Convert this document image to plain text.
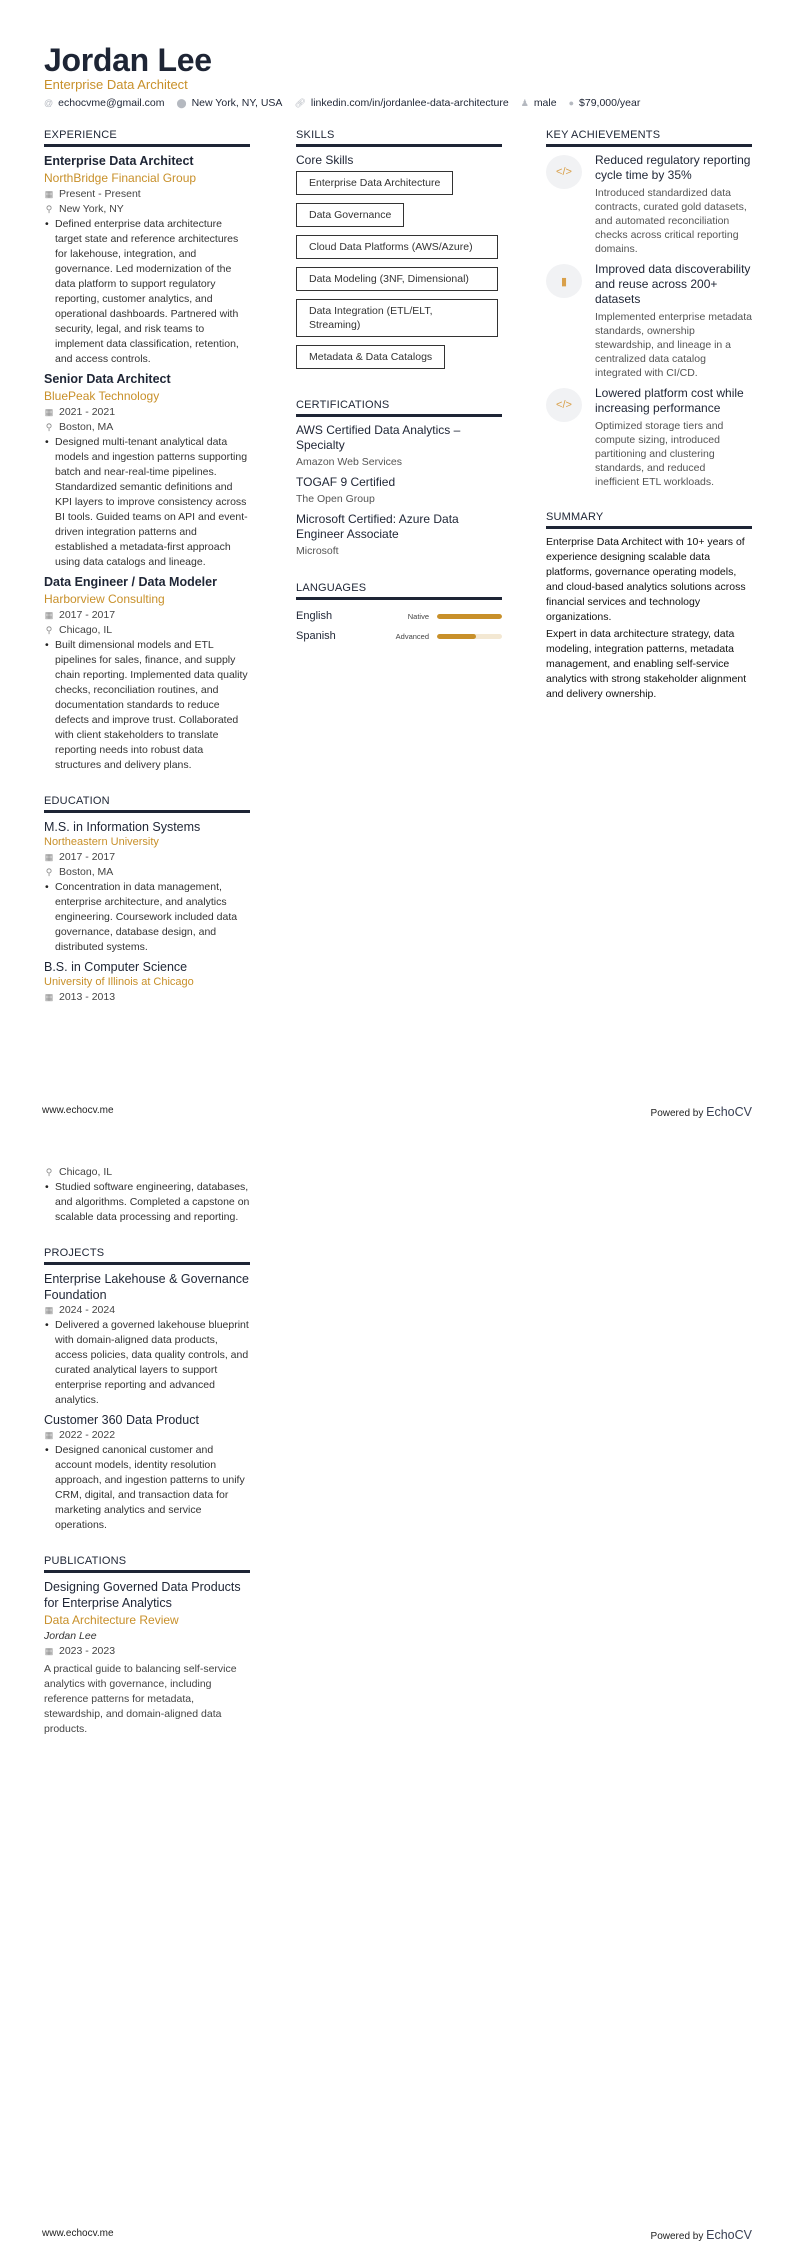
Jordan Lee
Enterprise Data Architect
@ echocvme@gmail.com ⬤ New York, NY, USA 🔗︎ linkedin.com/in/jordanlee-data-architecture ♟ male ● $79,000/year
EXPERIENCE
Enterprise Data Architect
NorthBridge Financial Group
▦ Present - Present
⚲ New York, NY
• Defined enterprise data architecture target state and reference architectures for lakehouse, integration, and governance. Led modernization of the data platform to support regulatory reporting, customer analytics, and operational dashboards. Partnered with security, legal, and risk teams to implement data classification, retention, and access controls.
Senior Data Architect
BluePeak Technology
▦ 2021 - 2021
⚲ Boston, MA
• Designed multi-tenant analytical data models and ingestion patterns supporting batch and near-real-time pipelines. Standardized semantic definitions and KPI layers to improve consistency across BI tools. Guided teams on API and event-driven integration patterns and established a metadata-first approach using data catalogs and lineage.
Data Engineer / Data Modeler
Harborview Consulting
▦ 2017 - 2017
⚲ Chicago, IL
• Built dimensional models and ETL pipelines for sales, finance, and supply chain reporting. Implemented data quality checks, reconciliation routines, and documentation standards to reduce defects and improve trust. Collaborated with client stakeholders to translate reporting needs into robust data structures and delivery plans.
EDUCATION
M.S. in Information Systems
Northeastern University
▦ 2017 - 2017
⚲ Boston, MA
• Concentration in data management, enterprise architecture, and analytics engineering. Coursework included data governance, database design, and distributed systems.
B.S. in Computer Science
University of Illinois at Chicago
▦ 2013 - 2013
SKILLS
Core Skills
Enterprise Data Architecture
Data Governance
Cloud Data Platforms (AWS/Azure)
Data Modeling (3NF, Dimensional)
Data Integration (ETL/ELT, Streaming)
Metadata & Data Catalogs
CERTIFICATIONS
AWS Certified Data Analytics – Specialty
Amazon Web Services
TOGAF 9 Certified
The Open Group
Microsoft Certified: Azure Data Engineer Associate
Microsoft
LANGUAGES
English	Native
Spanish	Advanced
KEY ACHIEVEMENTS
</>
Reduced regulatory reporting cycle time by 35%
Introduced standardized data contracts, curated gold datasets, and automated reconciliation checks across critical reporting domains.
▮
Improved data discoverability and reuse across 200+ datasets
Implemented enterprise metadata standards, ownership stewardship, and lineage in a centralized data catalog integrated with CI/CD.
</>
Lowered platform cost while increasing performance
Optimized storage tiers and compute sizing, introduced partitioning and clustering standards, and reduced inefficient ETL workloads.
SUMMARY

Enterprise Data Architect with 10+ years of experience designing scalable data platforms, governance operating models, and cloud-based analytics solutions across financial services and technology organizations.

Expert in data architecture strategy, data modeling, integration patterns, metadata management, and enabling self-service analytics with strong stakeholder alignment and delivery ownership.

www.echocv.me	Powered by EchoCV
⚲ Chicago, IL
• Studied software engineering, databases, and algorithms. Completed a capstone on scalable data processing and reporting.
PROJECTS
Enterprise Lakehouse & Governance Foundation
▦ 2024 - 2024
• Delivered a governed lakehouse blueprint with domain-aligned data products, access policies, data quality controls, and curated analytical layers to support enterprise reporting and advanced analytics.
Customer 360 Data Product
▦ 2022 - 2022
• Designed canonical customer and account models, identity resolution approach, and ingestion patterns to unify CRM, digital, and transaction data for marketing analytics and service operations.
PUBLICATIONS
Designing Governed Data Products for Enterprise Analytics
Data Architecture Review
Jordan Lee
▦ 2023 - 2023
A practical guide to balancing self-service analytics with governance, including reference patterns for metadata, stewardship, and domain-aligned data products.
www.echocv.me	Powered by EchoCV
